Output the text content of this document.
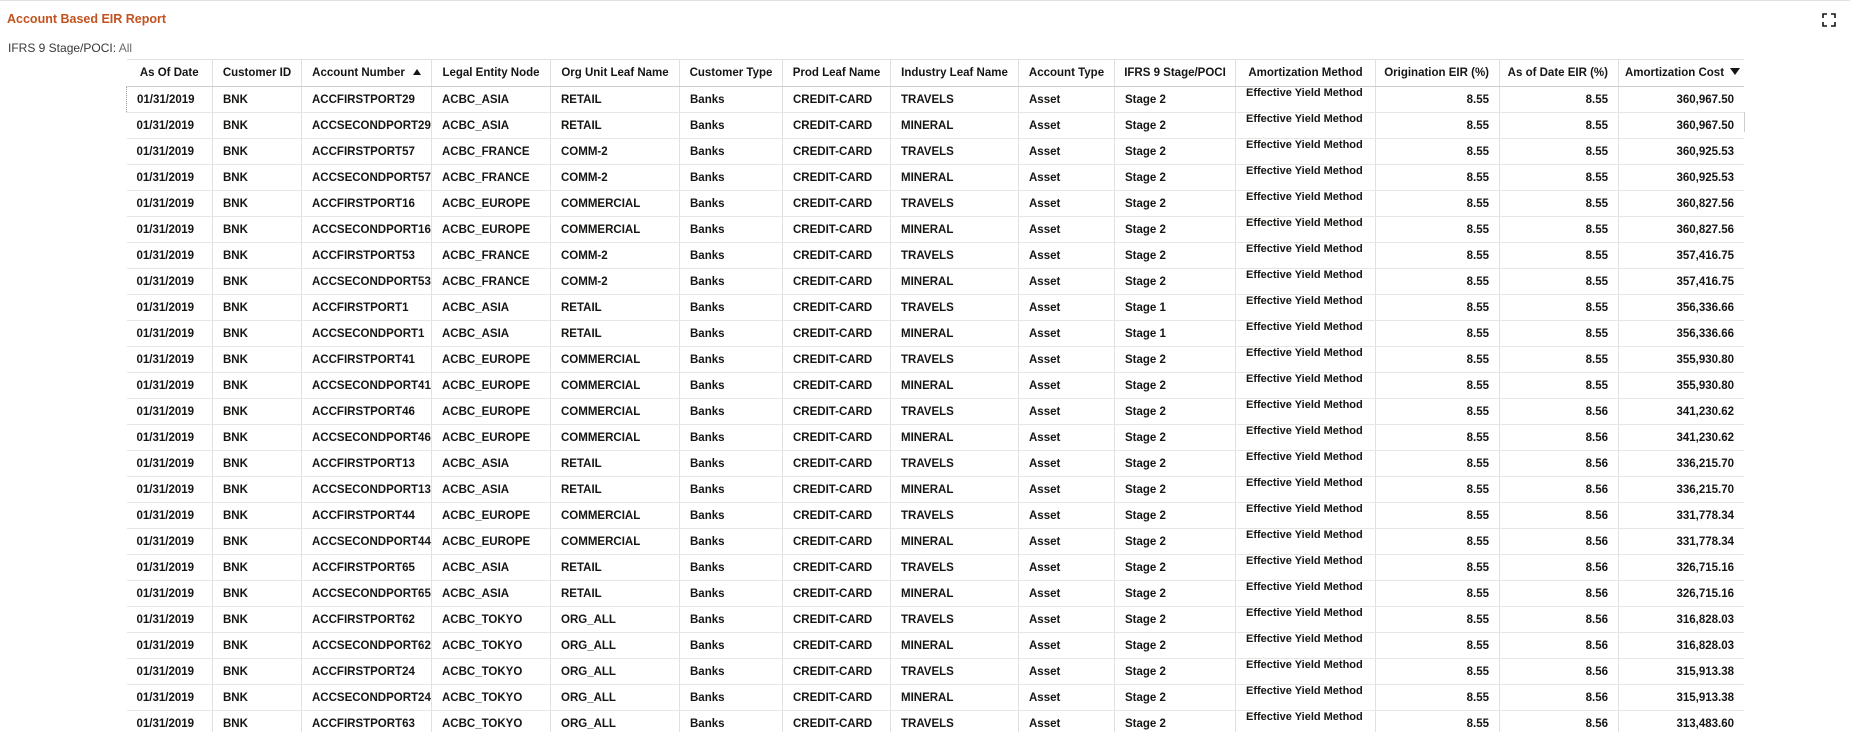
Account Based EIR Report
IFRS 9 Stage/POCI: All
As Of Date	Customer ID	Account Number	Legal Entity Node	Org Unit Leaf Name	Customer Type	Prod Leaf Name	Industry Leaf Name	Account Type	IFRS 9 Stage/POCI	Amortization Method	Origination EIR (%)	As of Date EIR (%)	Amortization Cost
01/31/2019	BNK	ACCFIRSTPORT29	ACBC_ASIA	RETAIL	Banks	CREDIT-CARD	TRAVELS	Asset	Stage 2	Effective Yield Method	8.55	8.55	360,967.50
01/31/2019	BNK	ACCSECONDPORT29	ACBC_ASIA	RETAIL	Banks	CREDIT-CARD	MINERAL	Asset	Stage 2	Effective Yield Method	8.55	8.55	360,967.50
01/31/2019	BNK	ACCFIRSTPORT57	ACBC_FRANCE	COMM-2	Banks	CREDIT-CARD	TRAVELS	Asset	Stage 2	Effective Yield Method	8.55	8.55	360,925.53
01/31/2019	BNK	ACCSECONDPORT57	ACBC_FRANCE	COMM-2	Banks	CREDIT-CARD	MINERAL	Asset	Stage 2	Effective Yield Method	8.55	8.55	360,925.53
01/31/2019	BNK	ACCFIRSTPORT16	ACBC_EUROPE	COMMERCIAL	Banks	CREDIT-CARD	TRAVELS	Asset	Stage 2	Effective Yield Method	8.55	8.55	360,827.56
01/31/2019	BNK	ACCSECONDPORT16	ACBC_EUROPE	COMMERCIAL	Banks	CREDIT-CARD	MINERAL	Asset	Stage 2	Effective Yield Method	8.55	8.55	360,827.56
01/31/2019	BNK	ACCFIRSTPORT53	ACBC_FRANCE	COMM-2	Banks	CREDIT-CARD	TRAVELS	Asset	Stage 2	Effective Yield Method	8.55	8.55	357,416.75
01/31/2019	BNK	ACCSECONDPORT53	ACBC_FRANCE	COMM-2	Banks	CREDIT-CARD	MINERAL	Asset	Stage 2	Effective Yield Method	8.55	8.55	357,416.75
01/31/2019	BNK	ACCFIRSTPORT1	ACBC_ASIA	RETAIL	Banks	CREDIT-CARD	TRAVELS	Asset	Stage 1	Effective Yield Method	8.55	8.55	356,336.66
01/31/2019	BNK	ACCSECONDPORT1	ACBC_ASIA	RETAIL	Banks	CREDIT-CARD	MINERAL	Asset	Stage 1	Effective Yield Method	8.55	8.55	356,336.66
01/31/2019	BNK	ACCFIRSTPORT41	ACBC_EUROPE	COMMERCIAL	Banks	CREDIT-CARD	TRAVELS	Asset	Stage 2	Effective Yield Method	8.55	8.55	355,930.80
01/31/2019	BNK	ACCSECONDPORT41	ACBC_EUROPE	COMMERCIAL	Banks	CREDIT-CARD	MINERAL	Asset	Stage 2	Effective Yield Method	8.55	8.55	355,930.80
01/31/2019	BNK	ACCFIRSTPORT46	ACBC_EUROPE	COMMERCIAL	Banks	CREDIT-CARD	TRAVELS	Asset	Stage 2	Effective Yield Method	8.55	8.56	341,230.62
01/31/2019	BNK	ACCSECONDPORT46	ACBC_EUROPE	COMMERCIAL	Banks	CREDIT-CARD	MINERAL	Asset	Stage 2	Effective Yield Method	8.55	8.56	341,230.62
01/31/2019	BNK	ACCFIRSTPORT13	ACBC_ASIA	RETAIL	Banks	CREDIT-CARD	TRAVELS	Asset	Stage 2	Effective Yield Method	8.55	8.56	336,215.70
01/31/2019	BNK	ACCSECONDPORT13	ACBC_ASIA	RETAIL	Banks	CREDIT-CARD	MINERAL	Asset	Stage 2	Effective Yield Method	8.55	8.56	336,215.70
01/31/2019	BNK	ACCFIRSTPORT44	ACBC_EUROPE	COMMERCIAL	Banks	CREDIT-CARD	TRAVELS	Asset	Stage 2	Effective Yield Method	8.55	8.56	331,778.34
01/31/2019	BNK	ACCSECONDPORT44	ACBC_EUROPE	COMMERCIAL	Banks	CREDIT-CARD	MINERAL	Asset	Stage 2	Effective Yield Method	8.55	8.56	331,778.34
01/31/2019	BNK	ACCFIRSTPORT65	ACBC_ASIA	RETAIL	Banks	CREDIT-CARD	TRAVELS	Asset	Stage 2	Effective Yield Method	8.55	8.56	326,715.16
01/31/2019	BNK	ACCSECONDPORT65	ACBC_ASIA	RETAIL	Banks	CREDIT-CARD	MINERAL	Asset	Stage 2	Effective Yield Method	8.55	8.56	326,715.16
01/31/2019	BNK	ACCFIRSTPORT62	ACBC_TOKYO	ORG_ALL	Banks	CREDIT-CARD	TRAVELS	Asset	Stage 2	Effective Yield Method	8.55	8.56	316,828.03
01/31/2019	BNK	ACCSECONDPORT62	ACBC_TOKYO	ORG_ALL	Banks	CREDIT-CARD	MINERAL	Asset	Stage 2	Effective Yield Method	8.55	8.56	316,828.03
01/31/2019	BNK	ACCFIRSTPORT24	ACBC_TOKYO	ORG_ALL	Banks	CREDIT-CARD	TRAVELS	Asset	Stage 2	Effective Yield Method	8.55	8.56	315,913.38
01/31/2019	BNK	ACCSECONDPORT24	ACBC_TOKYO	ORG_ALL	Banks	CREDIT-CARD	MINERAL	Asset	Stage 2	Effective Yield Method	8.55	8.56	315,913.38
01/31/2019	BNK	ACCFIRSTPORT63	ACBC_TOKYO	ORG_ALL	Banks	CREDIT-CARD	TRAVELS	Asset	Stage 2	Effective Yield Method	8.55	8.56	313,483.60
